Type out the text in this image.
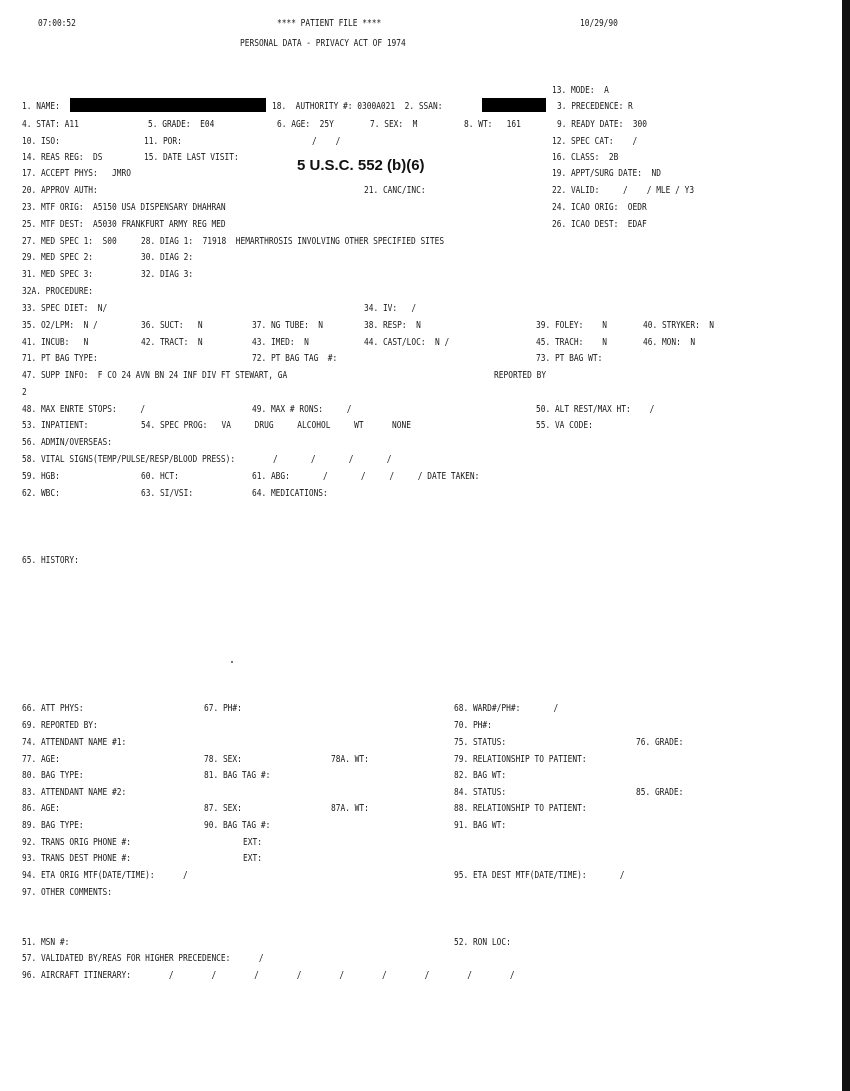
07:00:52	**** PATIENT FILE ****
PERSONAL DATA - PRIVACY ACT OF 1974
10/29/90
5 U.S.C. 552 (b)(6)
13. MODE:  A
1. NAME:	18.  AUTHORITY #: 0300A021  2. SSAN:	3. PRECEDENCE: R
4. STAT: A11	5. GRADE:  E04	6. AGE:  25Y	7. SEX:  M	8. WT:   161	9. READY DATE:  300
10. ISO:	11. POR:	/    /	12. SPEC CAT:    /
14. REAS REG:  DS	15. DATE LAST VISIT:	16. CLASS:  2B
17. ACCEPT PHYS:   JMRO	19. APPT/SURG DATE:  ND
20. APPROV AUTH:	21. CANC/INC:	22. VALID:     /    / MLE / Y3
23. MTF ORIG:  A5150 USA DISPENSARY DHAHRAN	24. ICAO ORIG:  OEDR
25. MTF DEST:  A5030 FRANKFURT ARMY REG MED	26. ICAO DEST:  EDAF
27. MED SPEC 1:  S00	28. DIAG 1:  71918  HEMARTHROSIS INVOLVING OTHER SPECIFIED SITES
29. MED SPEC 2:	30. DIAG 2:
31. MED SPEC 3:	32. DIAG 3:
32A. PROCEDURE:
33. SPEC DIET:  N/	34. IV:   /
35. O2/LPM:  N /	36. SUCT:   N	37. NG TUBE:  N	38. RESP:  N	39. FOLEY:    N	40. STRYKER:  N
41. INCUB:   N	42. TRACT:  N	43. IMED:  N	44. CAST/LOC:  N /	45. TRACH:    N	46. MON:  N
71. PT BAG TYPE:	72. PT BAG TAG  #:	73. PT BAG WT:
47. SUPP INFO:  F CO 24 AVN BN 24 INF DIV FT STEWART, GA	REPORTED BY
2
48. MAX ENRTE STOPS:     /	49. MAX # RONS:     /	50. ALT REST/MAX HT:    /
53. INPATIENT:	54. SPEC PROG:   VA     DRUG     ALCOHOL     WT      NONE	55. VA CODE:
56. ADMIN/OVERSEAS:
58. VITAL SIGNS(TEMP/PULSE/RESP/BLOOD PRESS):        /       /       /       /
59. HGB:	60. HCT:	61. ABG:       /       /     /     / DATE TAKEN:
62. WBC:	63. SI/VSI:	64. MEDICATIONS:
65. HISTORY:
66. ATT PHYS:	67. PH#:	68. WARD#/PH#:       /
69. REPORTED BY:	70. PH#:
74. ATTENDANT NAME #1:	75. STATUS:	76. GRADE:
77. AGE:	78. SEX:	78A. WT:	79. RELATIONSHIP TO PATIENT:
80. BAG TYPE:	81. BAG TAG #:	82. BAG WT:
83. ATTENDANT NAME #2:	84. STATUS:	85. GRADE:
86. AGE:	87. SEX:	87A. WT:	88. RELATIONSHIP TO PATIENT:
89. BAG TYPE:	90. BAG TAG #:	91. BAG WT:
92. TRANS ORIG PHONE #:	EXT:
93. TRANS DEST PHONE #:	EXT:
94. ETA ORIG MTF(DATE/TIME):      /	95. ETA DEST MTF(DATE/TIME):       /
97. OTHER COMMENTS:
51. MSN #:	52. RON LOC:
57. VALIDATED BY/REAS FOR HIGHER PRECEDENCE:      /
96. AIRCRAFT ITINERARY:        /        /        /        /        /        /        /        /        /
